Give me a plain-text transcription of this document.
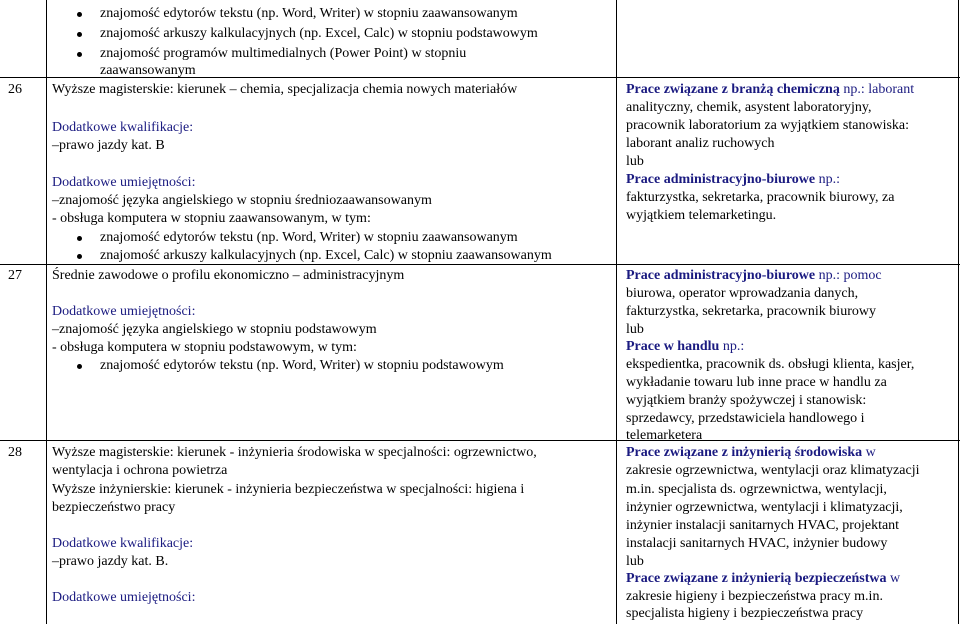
znajomość edytorów tekstu (np. Word, Writer) w stopniu zaawansowanym
znajomość arkuszy kalkulacyjnych (np. Excel, Calc) w stopniu podstawowym
znajomość programów multimedialnych (Power Point) w stopniu
zaawansowanym
26 Wyższe magisterskie: kierunek – chemia, specjalizacja chemia nowych materiałów
Dodatkowe kwalifikacje:
–prawo jazdy kat. B
Dodatkowe umiejętności:
–znajomość języka angielskiego w stopniu średniozaawansowanym
- obsługa komputera w stopniu zaawansowanym, w tym:
znajomość edytorów tekstu (np. Word, Writer) w stopniu zaawansowanym
znajomość arkuszy kalkulacyjnych (np. Excel, Calc) w stopniu zaawansowanym
Prace związane z branżą chemiczną np.: laborant
analityczny, chemik, asystent laboratoryjny,
pracownik laboratorium za wyjątkiem stanowiska:
laborant analiz ruchowych
lub
Prace administracyjno-biurowe np.:
fakturzystka, sekretarka, pracownik biurowy, za
wyjątkiem telemarketingu.
27 Średnie zawodowe o profilu ekonomiczno – administracyjnym
Dodatkowe umiejętności:
–znajomość języka angielskiego w stopniu podstawowym
- obsługa komputera w stopniu podstawowym, w tym:
znajomość edytorów tekstu (np. Word, Writer) w stopniu podstawowym
Prace administracyjno-biurowe np.: pomoc
biurowa, operator wprowadzania danych,
fakturzystka, sekretarka, pracownik biurowy
lub
Prace w handlu np.:
ekspedientka, pracownik ds. obsługi klienta, kasjer,
wykładanie towaru lub inne prace w handlu za
wyjątkiem branży spożywczej i stanowisk:
sprzedawcy, przedstawiciela handlowego i
telemarketera
28 Wyższe magisterskie: kierunek - inżynieria środowiska w specjalności: ogrzewnictwo,
wentylacja i ochrona powietrza
Wyższe inżynierskie: kierunek - inżynieria bezpieczeństwa w specjalności: higiena i
bezpieczeństwo pracy
Dodatkowe kwalifikacje:
–prawo jazdy kat. B.
Dodatkowe umiejętności:
Prace związane z inżynierią środowiska w
zakresie ogrzewnictwa, wentylacji oraz klimatyzacji
m.in. specjalista ds. ogrzewnictwa, wentylacji,
inżynier ogrzewnictwa, wentylacji i klimatyzacji,
inżynier instalacji sanitarnych HVAC, projektant
instalacji sanitarnych HVAC, inżynier budowy
lub
Prace związane z inżynierią bezpieczeństwa w
zakresie higieny i bezpieczeństwa pracy m.in.
specjalista higieny i bezpieczeństwa pracy
